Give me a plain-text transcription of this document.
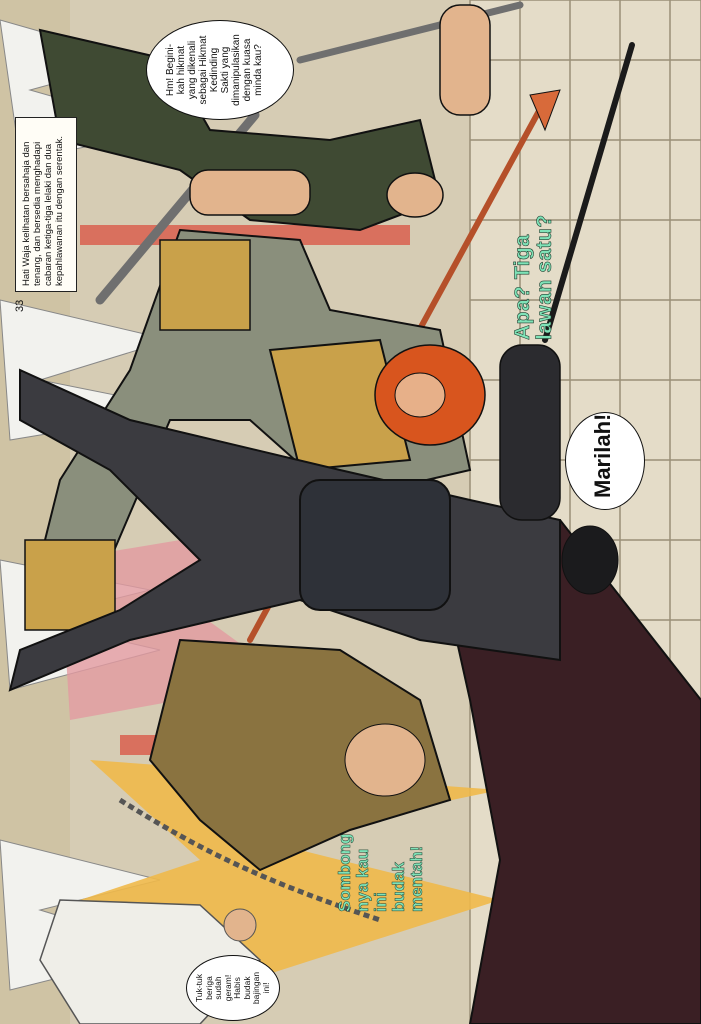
Hati Waja kelihatan bersahaja dan
tenang, dan bersedia menghadapi
cabaran ketiga-tiga lelaki dan dua
kepahlawanan itu dengan serentak.
33
Hm! Begini-
kah hikmat
yang dikenali
sebagai Hikmat
Kedinding
Sakti yang
dimanipulasikan
dengan kuasa
minda kau?
Marilah!
Tuk-tuk
beriga
sudah
geram!
Habis
budak
bajingan
ini!
Apa? Tiga
lawan satu?
Sombong
nya kau
ini
budak
mentah!
